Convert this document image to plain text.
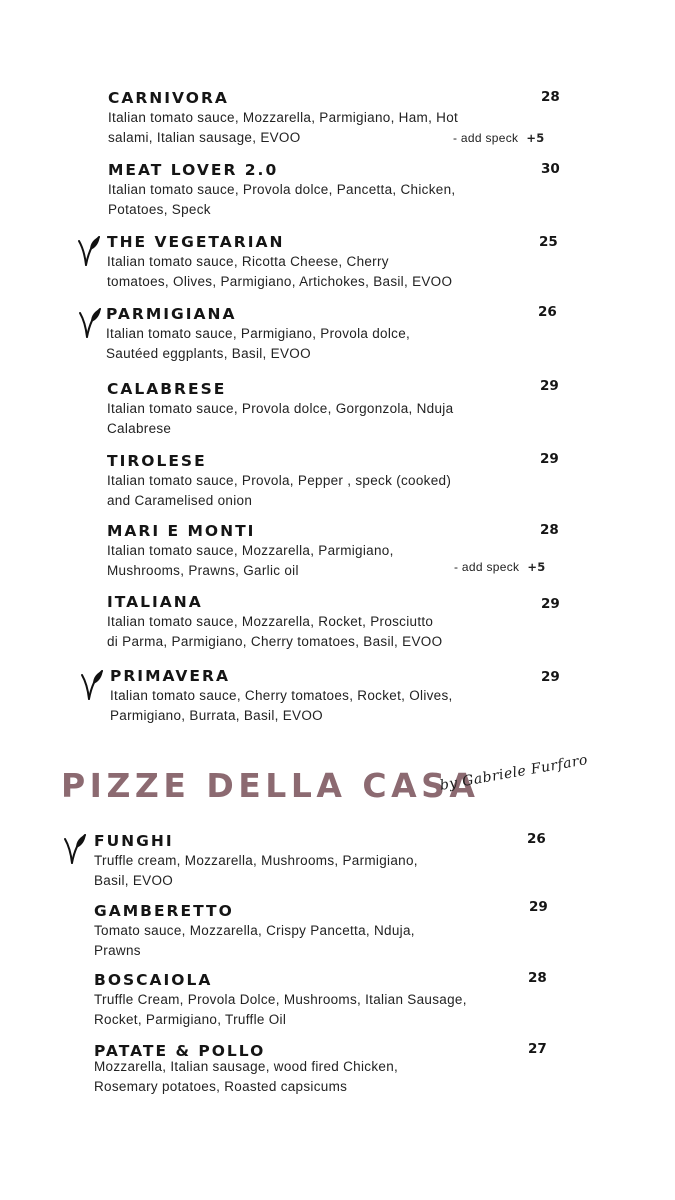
CARNIVORA
Italian tomato sauce, Mozzarella, Parmigiano, Ham, Hot
salami, Italian sausage, EVOO
28
- add speck +5
MEAT LOVER 2.0
Italian tomato sauce, Provola dolce, Pancetta, Chicken,
Potatoes, Speck
30
THE VEGETARIAN
Italian tomato sauce, Ricotta Cheese, Cherry
tomatoes, Olives, Parmigiano, Artichokes, Basil, EVOO
25
PARMIGIANA
Italian tomato sauce, Parmigiano, Provola dolce,
Sautéed eggplants, Basil, EVOO
26
CALABRESE
Italian tomato sauce, Provola dolce, Gorgonzola, Nduja
Calabrese
29
TIROLESE
Italian tomato sauce, Provola, Pepper , speck (cooked)
and Caramelised onion
29
MARI E MONTI
Italian tomato sauce, Mozzarella, Parmigiano,
Mushrooms, Prawns, Garlic oil
28
- add speck +5
ITALIANA
Italian tomato sauce, Mozzarella, Rocket, Prosciutto
di Parma, Parmigiano, Cherry tomatoes, Basil, EVOO
29
PRIMAVERA
Italian tomato sauce, Cherry tomatoes, Rocket, Olives,
Parmigiano, Burrata, Basil, EVOO
29
PIZZE DELLA CASA
by Gabriele Furfaro
FUNGHI
Truffle cream, Mozzarella, Mushrooms, Parmigiano,
Basil, EVOO
26
GAMBERETTO
Tomato sauce, Mozzarella, Crispy Pancetta, Nduja,
Prawns
29
BOSCAIOLA
Truffle Cream, Provola Dolce, Mushrooms, Italian Sausage,
Rocket, Parmigiano, Truffle Oil
28
PATATE & POLLO
Mozzarella, Italian sausage, wood fired Chicken,
Rosemary potatoes, Roasted capsicums
27
